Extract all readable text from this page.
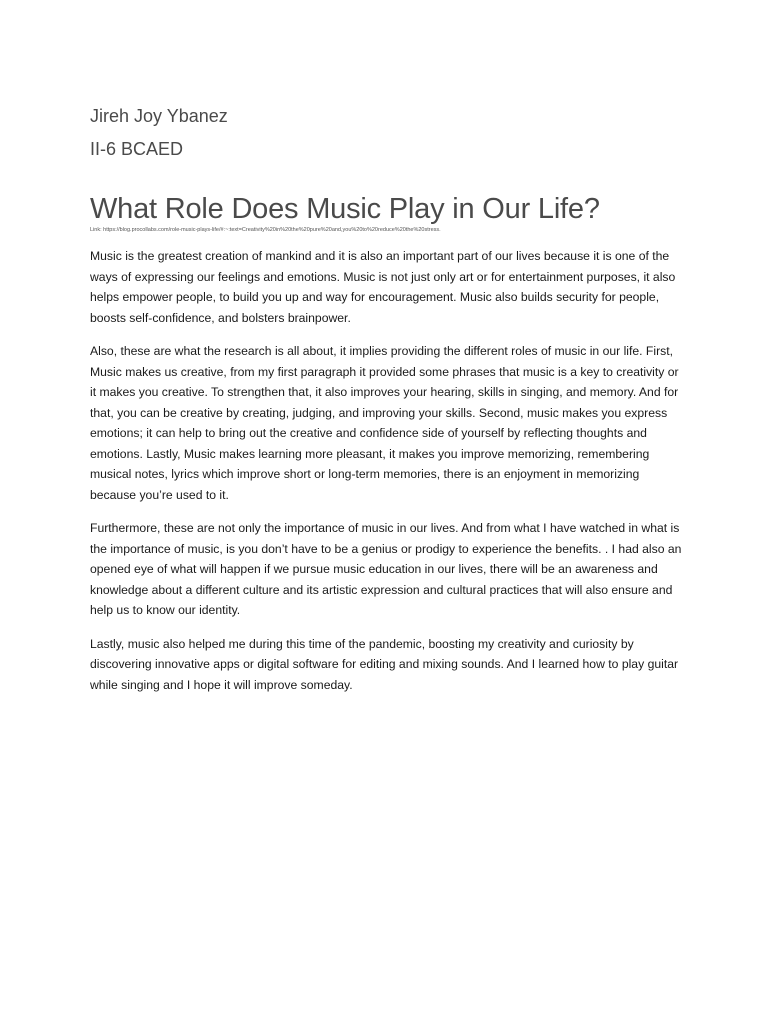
Jireh Joy Ybanez
II-6 BCAED
What Role Does Music Play in Our Life?
Link: https://blog.procollabs.com/role-music-plays-life/#:~:text=Creativity%20in%20the%20pure%20and,you%20to%20reduce%20the%20stress.

Music is the greatest creation of mankind and it is also an important part of our lives because it is one of the ways of expressing our feelings and emotions. Music is not just only art or for entertainment purposes, it also helps empower people, to build you up and way for encouragement. Music also builds security for people, boosts self-confidence, and bolsters brainpower.

Also, these are what the research is all about, it implies providing the different roles of music in our life. First, Music makes us creative, from my first paragraph it provided some phrases that music is a key to creativity or it makes you creative. To strengthen that, it also improves your hearing, skills in singing, and memory. And for that, you can be creative by creating, judging, and improving your skills. Second, music makes you express emotions; it can help to bring out the creative and confidence side of yourself by reflecting thoughts and emotions. Lastly, Music makes learning more pleasant, it makes you improve memorizing, remembering musical notes, lyrics which improve short or long-term memories, there is an enjoyment in memorizing because you’re used to it.

Furthermore, these are not only the importance of music in our lives. And from what I have watched in what is the importance of music, is you don’t have to be a genius or prodigy to experience the benefits. . I had also an opened eye of what will happen if we pursue music education in our lives, there will be an awareness and knowledge about a different culture and its artistic expression and cultural practices that will also ensure and help us to know our identity.

Lastly, music also helped me during this time of the pandemic, boosting my creativity and curiosity by discovering innovative apps or digital software for editing and mixing sounds. And I learned how to play guitar while singing and I hope it will improve someday.
